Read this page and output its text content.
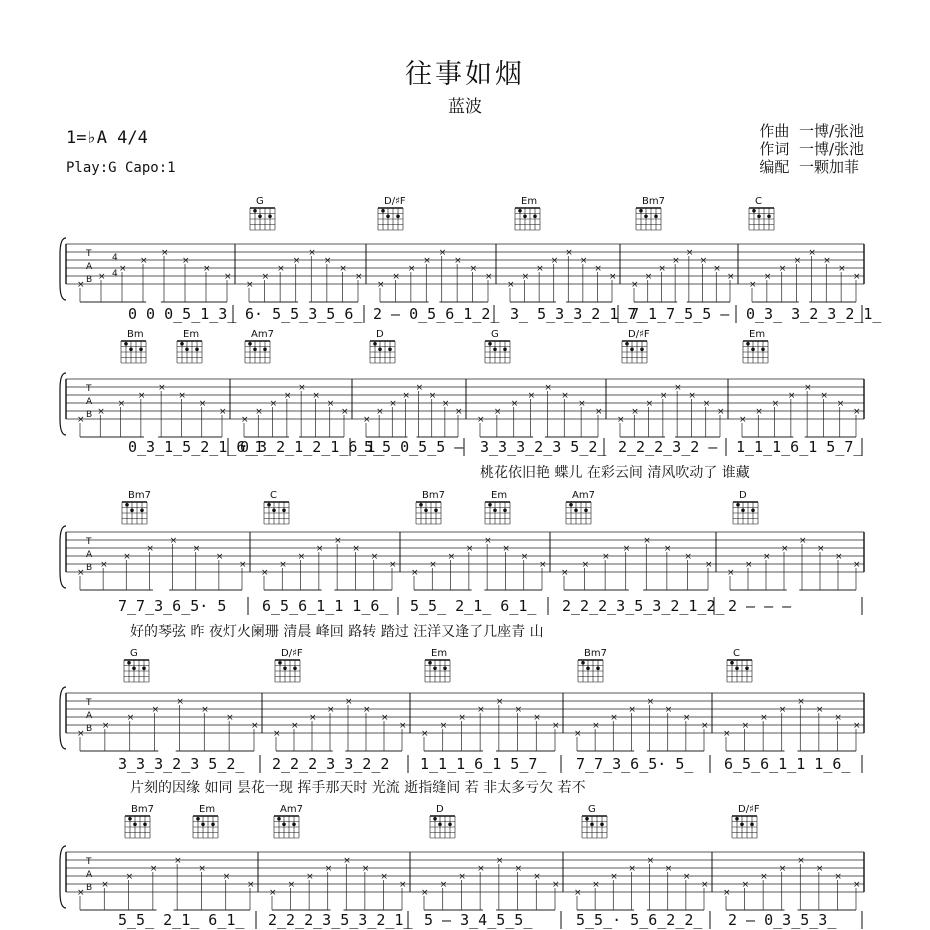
往事如烟
蓝波
1=♭A 4/4
Play:G Capo:1
作曲  一博/张池
作词  一博/张池
编配  一颗加菲
T
A
B
×
×
×
×
×
×
×
×
×
×
×
×
×
×
×
×
×
×
×
×
×
×
×
×
×
×
×
×
×
×
×
×
×
×
×
×
×
×
×
×
×
×
×
×
×
×
×
×
G	D/♯F	Em	Bm7	C
0 0 0̲5̲1̲3̲ 6· 5̲5̲3̲5̲6̲ 2 – 0̲5̲6̲1̲2̲ 3̲ 5̲3̲3̲2̲1̲7̲
7̲1̲7̲5̲5 – 0̲3̲ 3̲2̲3̲2̲1̲
T
A
B
×
×
×
×
×
×
×
×
×
×
×
×
×
×
×
×
×
×
×
×
×
×
×
×
×
×
×
×
×
×
×
×
×
×
×
×
×
×
×
×
×
×
×
×
×
×
×
×
Bm	Em	Am7	D	G	D/♯F	Em
0̲3̲1̲5̲2̲1̲6̲1̲
0̲3̲2̲1̲2̲1̲6̲1̲
5̲5̲0̲5̲5 – 3̲3̲3̲2̲3 5̲2̲ 2̲2̲2̲3̲2 – 1̲1̲1̲6̲1 5̲7̲
桃花依旧艳 蝶儿 在彩云间 清风吹动了 谁藏
T
A
B
×
×
×
×
×
×
×
×
×
×
×
×
×
×
×
×
×
×
×
×
×
×
×
×
×
×
×
×
×
×
×
×
×
×
×
×
×
×
×
×
Bm7	C	Bm7	Em	Am7	D
7̲7̲3̲6̲5· 5 6̲5̲6̲1̲1 1̲6̲ 5̲5̲ 2̲1̲ 6̲1̲ 2̲2̲2̲3̲5̲3̲2̲1̲2̲ 2 – – –
好的琴弦 昨 夜灯火阑珊 清晨 峰回 路转 踏过 汪洋又逢了几座青 山
T
A
B
×
×
×
×
×
×
×
×
×
×
×
×
×
×
×
×
×
×
×
×
×
×
×
×
×
×
×
×
×
×
×
×
×
×
×
×
×
×
×
×
G	D/♯F	Em	Bm7	C
3̲3̲3̲2̲3 5̲2̲ 2̲2̲2̲3̲3̲2̲2 1̲1̲1̲6̲1 5̲7̲ 7̲7̲3̲6̲5· 5̲ 6̲5̲6̲1̲1 1̲6̲
片刻的因缘 如同 昙花一现 挥手那天时 光流 逝指缝间 若 非太多亏欠 若不
T
A
B
×
×
×
×
×
×
×
×
×
×
×
×
×
×
×
×
×
×
×
×
×
×
×
×
×
×
×
×
×
×
×
×
×
×
×
×
×
×
×
×
Bm7	Em	Am7	D	G	D/♯F
5̲5̲ 2̲1̲ 6̲1̲ 2̲2̲2̲3̲5̲3̲2̲1̲ 5 – 3̲4̲5̲5̲	5̲5̲· 5̲6̲2̲2̲ 2 – 0̲3̲5̲3̲
4
4
